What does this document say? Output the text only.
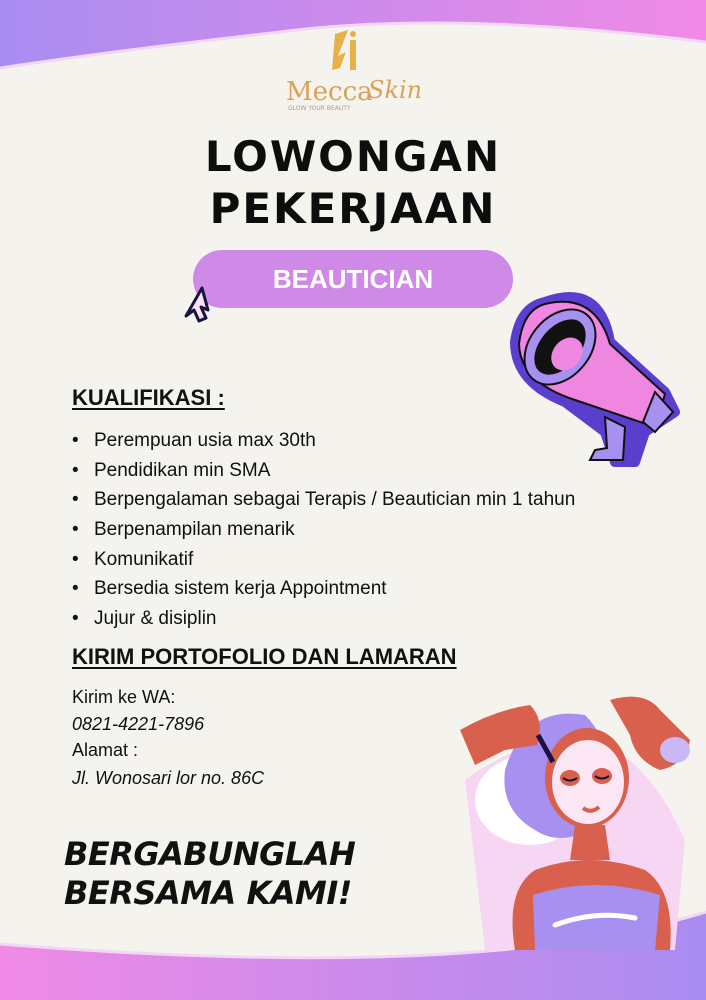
Mecca
Skin
GLOW YOUR BEAUTY
LOWONGAN
PEKERJAAN
BEAUTICIAN
KUALIFIKASI :
• Perempuan usia max 30th
• Pendidikan min SMA
• Berpengalaman sebagai Terapis / Beautician min 1 tahun
• Berpenampilan menarik
• Komunikatif
• Bersedia sistem kerja Appointment
• Jujur & disiplin
KIRIM PORTOFOLIO DAN LAMARAN
Kirim ke WA:
0821-4221-7896
Alamat :
Jl. Wonosari lor no. 86C
BERGABUNGLAH
BERSAMA KAMI!
